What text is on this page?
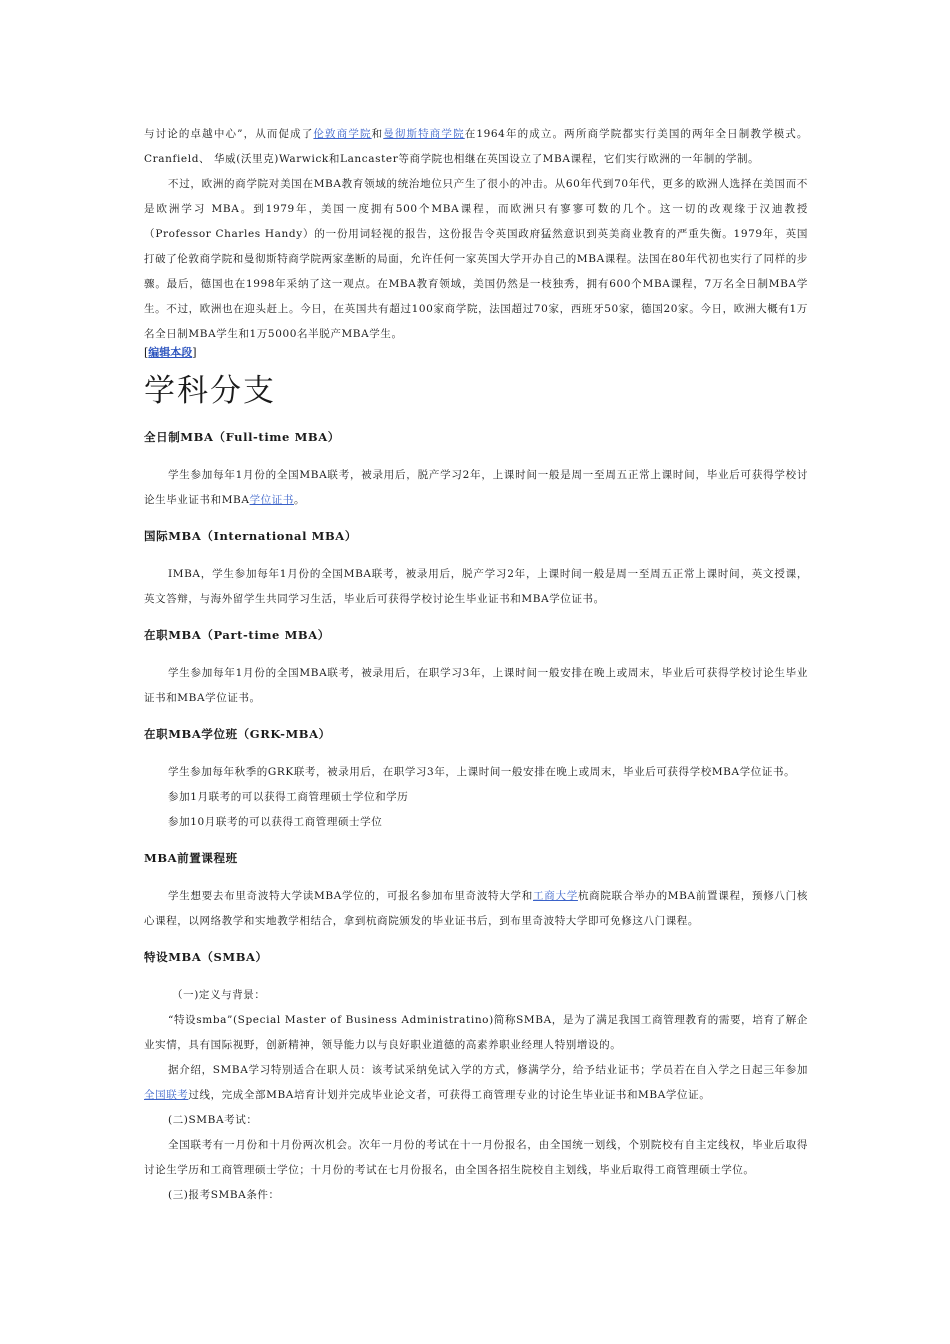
与讨论的卓越中心”，从而促成了伦敦商学院和曼彻斯特商学院在1964年的成立。两所商学院都实行美国的两年全日制教学模式。Cranfield、 华威(沃里克)Warwick和Lancaster等商学院也相继在英国设立了MBA课程，它们实行欧洲的一年制的学制。

不过，欧洲的商学院对美国在MBA教育领域的统治地位只产生了很小的冲击。从60年代到70年代，更多的欧洲人选择在美国而不是欧洲学习 MBA。到1979年，美国一度拥有500个MBA课程，而欧洲只有寥寥可数的几个。这一切的改观缘于汉迪教授（Professor Charles Handy）的一份用词轻视的报告，这份报告令英国政府猛然意识到英美商业教育的严重失衡。1979年，英国打破了伦敦商学院和曼彻斯特商学院两家垄断的局面，允许任何一家英国大学开办自己的MBA课程。法国在80年代初也实行了同样的步骤。最后，德国也在1998年采纳了这一观点。在MBA教育领域，美国仍然是一枝独秀，拥有600个MBA课程，7万名全日制MBA学生。不过，欧洲也在迎头赶上。今日，在英国共有超过100家商学院，法国超过70家，西班牙50家，德国20家。今日，欧洲大概有1万名全日制MBA学生和1万5000名半脱产MBA学生。

[编辑本段]
学科分支
全日制MBA（Full-time MBA）

学生参加每年1月份的全国MBA联考，被录用后，脱产学习2年，上课时间一般是周一至周五正常上课时间，毕业后可获得学校讨论生毕业证书和MBA学位证书。

国际MBA（International MBA）

IMBA，学生参加每年1月份的全国MBA联考，被录用后，脱产学习2年，上课时间一般是周一至周五正常上课时间，英文授课，英文答辩，与海外留学生共同学习生活，毕业后可获得学校讨论生毕业证书和MBA学位证书。

在职MBA（Part-time MBA）

学生参加每年1月份的全国MBA联考，被录用后，在职学习3年，上课时间一般安排在晚上或周末，毕业后可获得学校讨论生毕业证书和MBA学位证书。

在职MBA学位班（GRK-MBA）

学生参加每年秋季的GRK联考，被录用后，在职学习3年，上课时间一般安排在晚上或周末，毕业后可获得学校MBA学位证书。

参加1月联考的可以获得工商管理硕士学位和学历

参加10月联考的可以获得工商管理硕士学位

MBA前置课程班

学生想要去布里奇波特大学读MBA学位的，可报名参加布里奇波特大学和工商大学杭商院联合举办的MBA前置课程，预修八门核心课程，以网络教学和实地教学相结合，拿到杭商院颁发的毕业证书后，到布里奇波特大学即可免修这八门课程。

特设MBA（SMBA）

（一)定义与背景：

“特设smba”(Special Master of Business Administratino)简称SMBA，是为了满足我国工商管理教育的需要，培育了解企业实情，具有国际视野，创新精神，领导能力以与良好职业道德的高素养职业经理人特别增设的。

据介绍，SMBA学习特别适合在职人员：该考试采纳免试入学的方式，修满学分，给予结业证书；学员若在自入学之日起三年参加全国联考过线，完成全部MBA培育计划并完成毕业论文者，可获得工商管理专业的讨论生毕业证书和MBA学位证。

(二)SMBA考试：

全国联考有一月份和十月份两次机会。次年一月份的考试在十一月份报名，由全国统一划线，个别院校有自主定线权，毕业后取得讨论生学历和工商管理硕士学位；十月份的考试在七月份报名，由全国各招生院校自主划线，毕业后取得工商管理硕士学位。

(三)报考SMBA条件：
